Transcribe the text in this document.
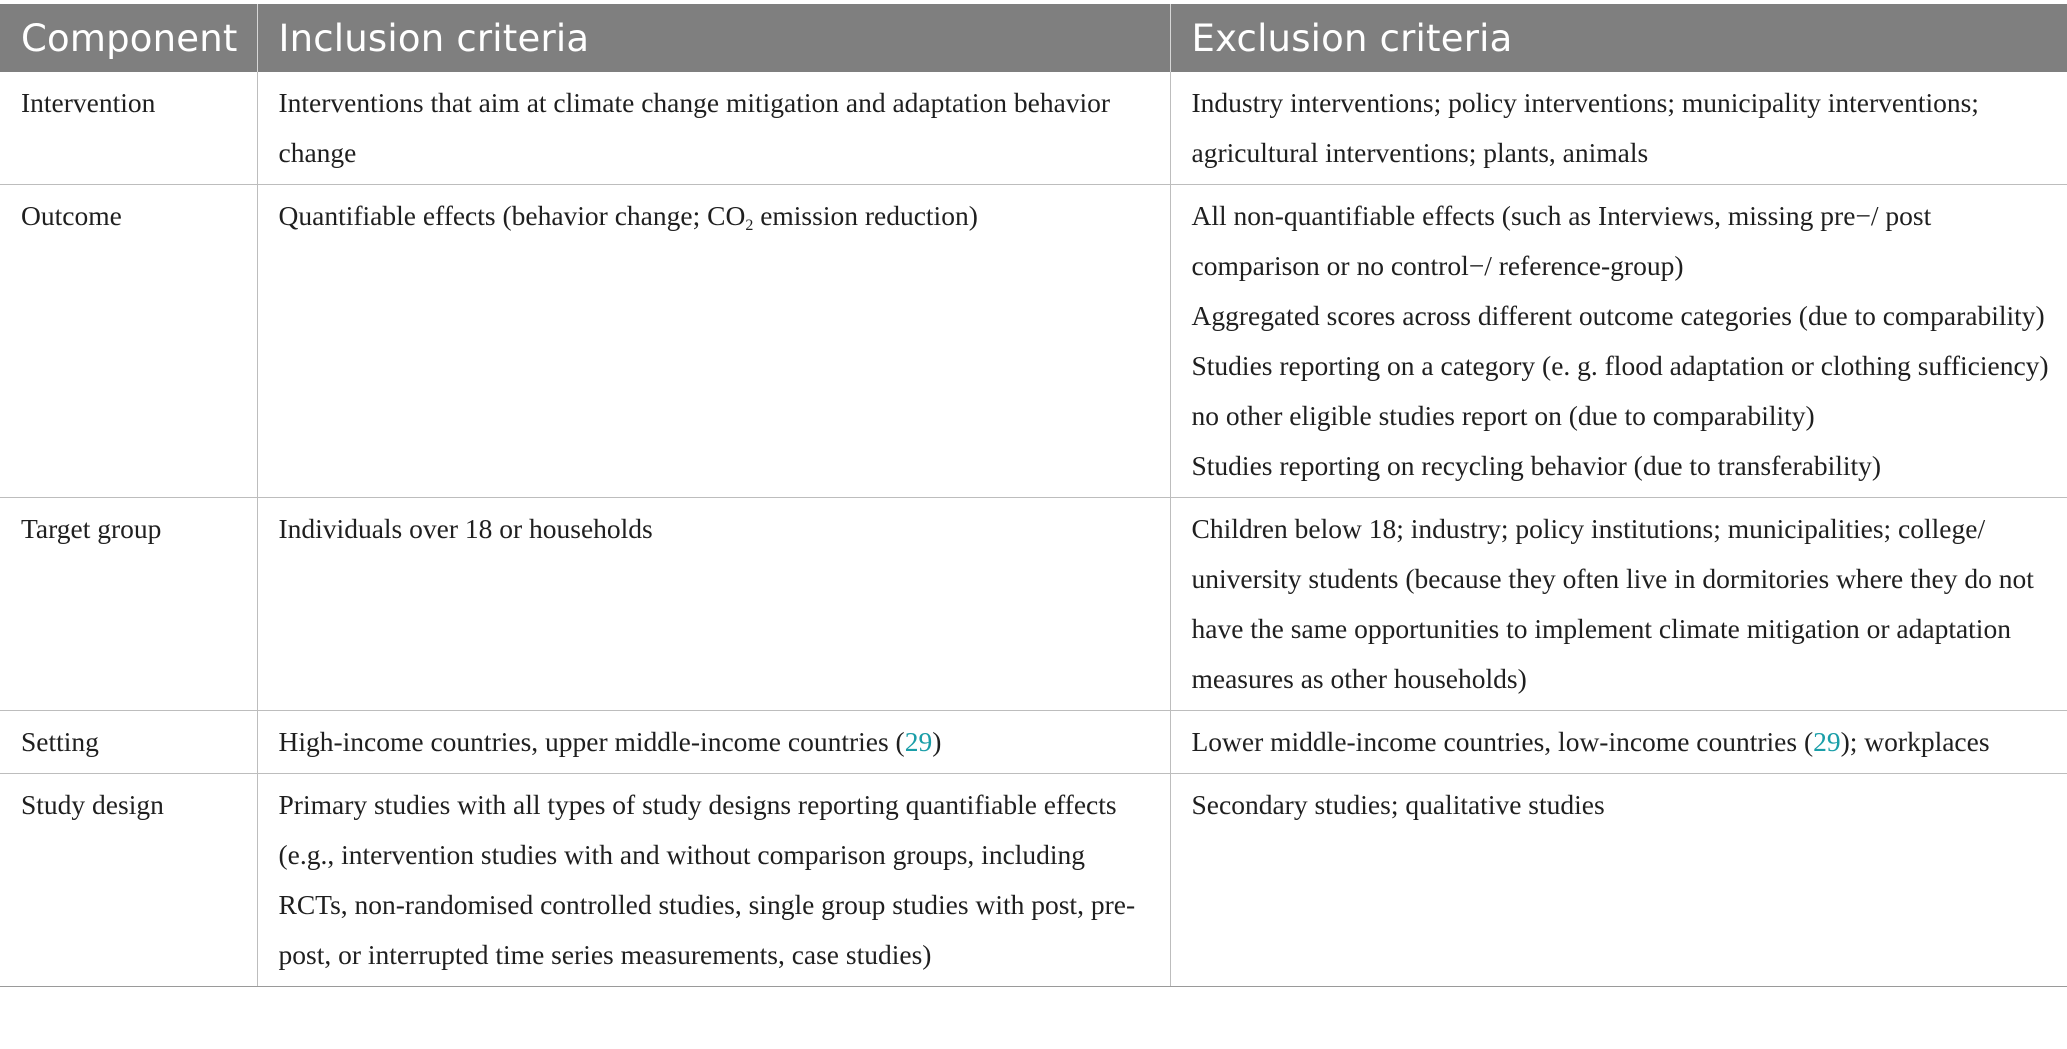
Component	Inclusion criteria	Exclusion criteria
Intervention	Interventions that aim at climate change mitigation and adaptation behavior change	Industry interventions; policy interventions; municipality interventions; agricultural interventions; plants, animals

Outcome	Quantifiable effects (behavior change; $CO_2$ emission reduction)	All non-quantifiable effects (such as Interviews, missing pre−/ post comparison or no control−/ reference-group)
Aggregated scores across different outcome categories (due to comparability)
Studies reporting on a category (e. g. flood adaptation or clothing sufficiency) no other eligible studies report on (due to comparability)
Studies reporting on recycling behavior (due to transferability)

Target group	Individuals over 18 or households	Children below 18; industry; policy institutions; municipalities; college/ university students (because they often live in dormitories where they do not have the same opportunities to implement climate mitigation or adaptation measures as other households)

Setting	High-income countries, upper middle-income countries (29)	Lower middle-income countries, low-income countries (29); workplaces

Study design	Primary studies with all types of study designs reporting quantifiable effects (e.g., intervention studies with and without comparison groups, including RCTs, non-randomised controlled studies, single group studies with post, pre-post, or interrupted time series measurements, case studies)	Secondary studies; qualitative studies
